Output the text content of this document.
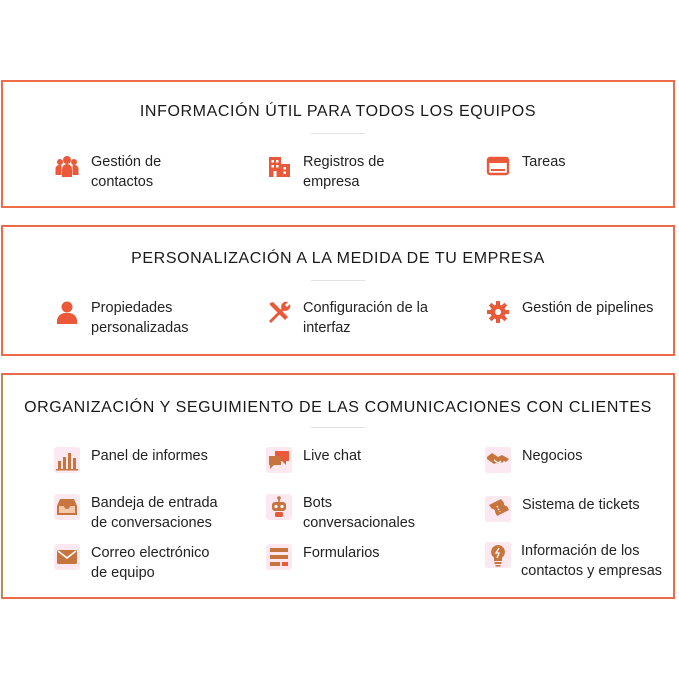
INFORMACIÓN ÚTIL PARA TODOS LOS EQUIPOS
Gestión de
contactos
Registros de
empresa
Tareas
PERSONALIZACIÓN A LA MEDIDA DE TU EMPRESA
Propiedades
personalizadas
Configuración de la
interfaz
Gestión de pipelines
ORGANIZACIÓN Y SEGUIMIENTO DE LAS COMUNICACIONES CON CLIENTES
Panel de informes	Live chat	Negocios
Bandeja de entrada
de conversaciones
Bots
conversacionales
Sistema de tickets
Correo electrónico
de equipo
Formularios	Información de los
contactos y empresas
